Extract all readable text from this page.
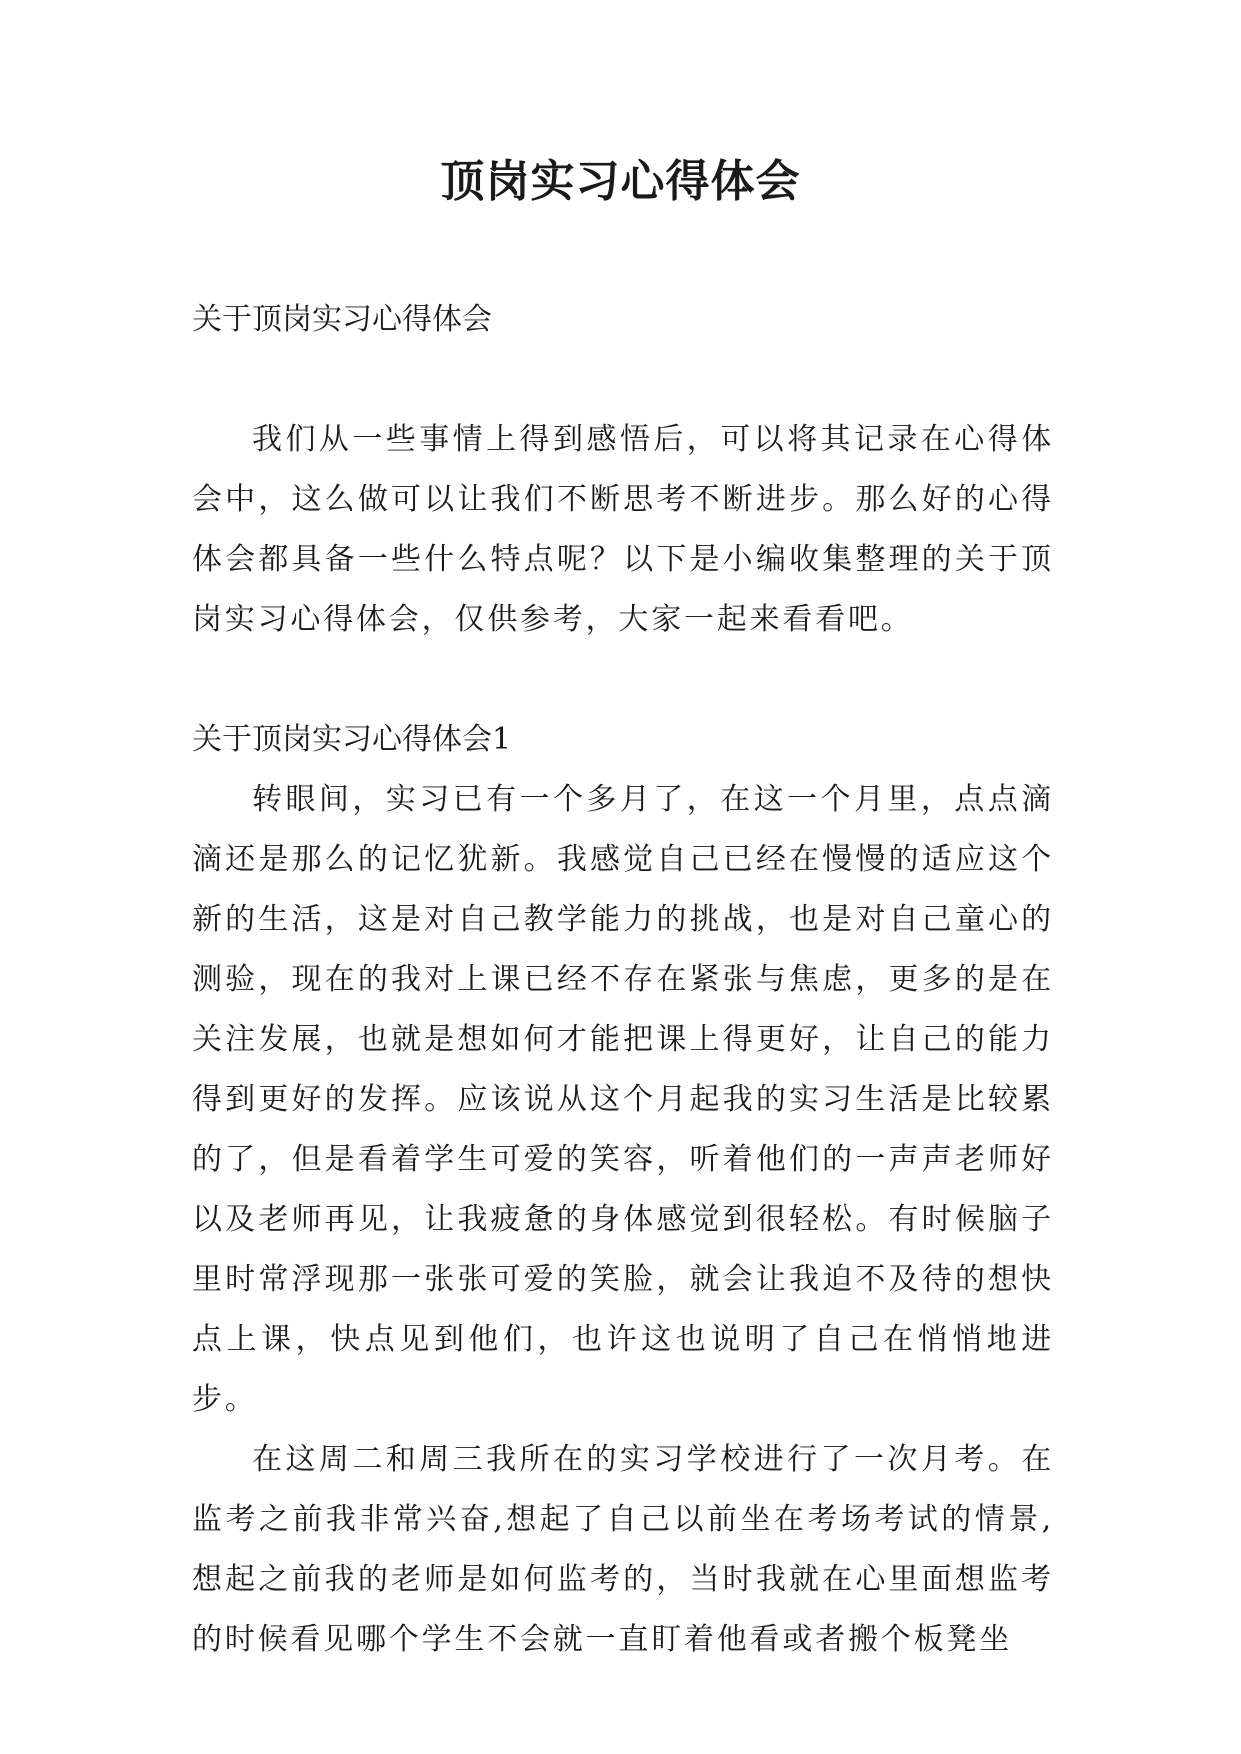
顶岗实习心得体会

关于顶岗实习心得体会

我们从一些事情上得到感悟后，可以将其记录在心得体会中，这么做可以让我们不断思考不断进步。那么好的心得体会都具备一些什么特点呢？以下是小编收集整理的关于顶岗实习心得体会，仅供参考，大家一起来看看吧。

关于顶岗实习心得体会1

转眼间，实习已有一个多月了，在这一个月里，点点滴滴还是那么的记忆犹新。我感觉自己已经在慢慢的适应这个新的生活，这是对自己教学能力的挑战，也是对自己童心的测验，现在的我对上课已经不存在紧张与焦虑，更多的是在关注发展，也就是想如何才能把课上得更好，让自己的能力得到更好的发挥。应该说从这个月起我的实习生活是比较累的了，但是看着学生可爱的笑容，听着他们的一声声老师好以及老师再见，让我疲惫的身体感觉到很轻松。有时候脑子里时常浮现那一张张可爱的笑脸，就会让我迫不及待的想快点上课，快点见到他们，也许这也说明了自己在悄悄地进步。

在这周二和周三我所在的实习学校进行了一次月考。在监考之前我非常兴奋,想起了自己以前坐在考场考试的情景,想起之前我的老师是如何监考的，当时我就在心里面想监考的时候看见哪个学生不会就一直盯着他看或者搬个板凳坐
